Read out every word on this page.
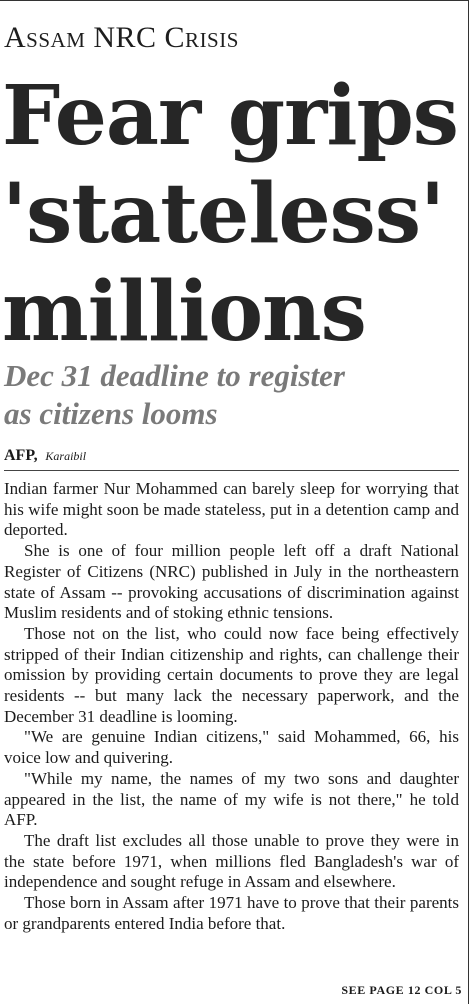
Assam NRC Crisis
Fear grips
'stateless'
millions
Dec 31 deadline to register
as citizens looms
AFP, Karaibil

Indian farmer Nur Mohammed can barely sleep for worrying that his wife might soon be made stateless, put in a detention camp and deported.

She is one of four million people left off a draft National Register of Citizens (NRC) published in July in the northeastern state of Assam -- provoking accusations of discrimination against Muslim residents and of stoking ethnic tensions.

Those not on the list, who could now face being effectively stripped of their Indian citizenship and rights, can challenge their omission by providing certain documents to prove they are legal residents -- but many lack the necessary paperwork, and the December 31 deadline is looming.

"We are genuine Indian citizens," said Mohammed, 66, his voice low and quivering.

"While my name, the names of my two sons and daughter appeared in the list, the name of my wife is not there," he told AFP.

The draft list excludes all those unable to prove they were in the state before 1971, when millions fled Bangladesh's war of independence and sought refuge in Assam and elsewhere.

Those born in Assam after 1971 have to prove that their parents or grandparents entered India before that.

SEE PAGE 12 COL 5
